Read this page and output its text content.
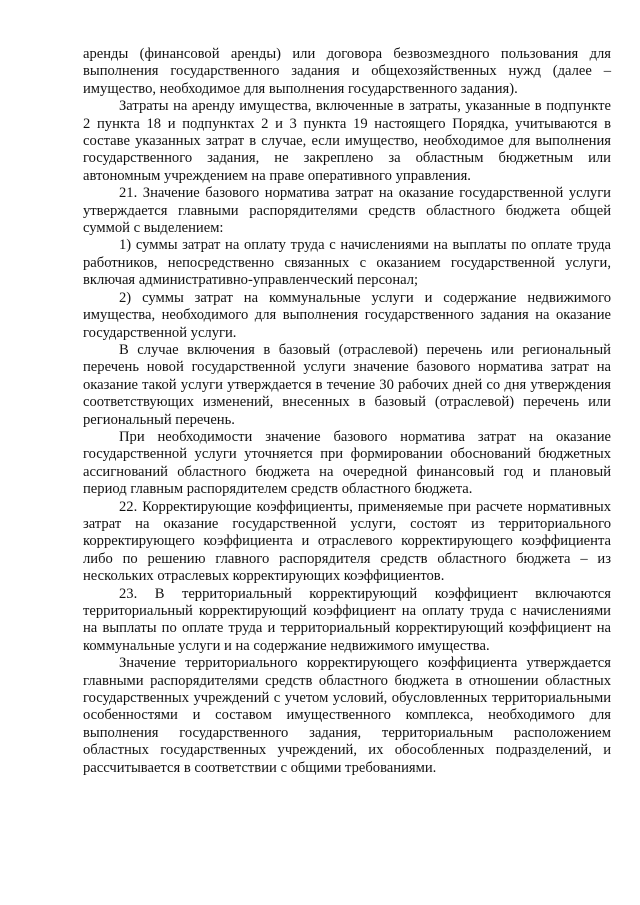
аренды (финансовой аренды) или договора безвозмездного пользования для выполнения государственного задания и общехозяйственных нужд (далее – имущество, необходимое для выполнения государственного задания).

Затраты на аренду имущества, включенные в затраты, указанные в подпункте 2 пункта 18 и подпунктах 2 и 3 пункта 19 настоящего Порядка, учитываются в составе указанных затрат в случае, если имущество, необходимое для выполнения государственного задания, не закреплено за областным бюджетным или автономным учреждением на праве оперативного управления.

21. Значение базового норматива затрат на оказание государственной услуги утверждается главными распорядителями средств областного бюджета общей суммой с выделением:

1) суммы затрат на оплату труда с начислениями на выплаты по оплате труда работников, непосредственно связанных с оказанием государственной услуги, включая административно-управленческий персонал;

2) суммы затрат на коммунальные услуги и содержание недвижимого имущества, необходимого для выполнения государственного задания на оказание государственной услуги.

В случае включения в базовый (отраслевой) перечень или региональный перечень новой государственной услуги значение базового норматива затрат на оказание такой услуги утверждается в течение 30 рабочих дней со дня утверждения соответствующих изменений, внесенных в базовый (отраслевой) перечень или региональный перечень.

При необходимости значение базового норматива затрат на оказание государственной услуги уточняется при формировании обоснований бюджетных ассигнований областного бюджета на очередной финансовый год и плановый период главным распорядителем средств областного бюджета.

22. Корректирующие коэффициенты, применяемые при расчете нормативных затрат на оказание государственной услуги, состоят из территориального корректирующего коэффициента и отраслевого корректирующего коэффициента либо по решению главного распорядителя средств областного бюджета – из нескольких отраслевых корректирующих коэффициентов.

23. В территориальный корректирующий коэффициент включаются территориальный корректирующий коэффициент на оплату труда с начислениями на выплаты по оплате труда и территориальный корректирующий коэффициент на коммунальные услуги и на содержание недвижимого имущества.

Значение территориального корректирующего коэффициента утверждается главными распорядителями средств областного бюджета в отношении областных государственных учреждений с учетом условий, обусловленных территориальными особенностями и составом имущественного комплекса, необходимого для выполнения государственного задания, территориальным расположением областных государственных учреждений, их обособленных подразделений, и рассчитывается в соответствии с общими требованиями.
